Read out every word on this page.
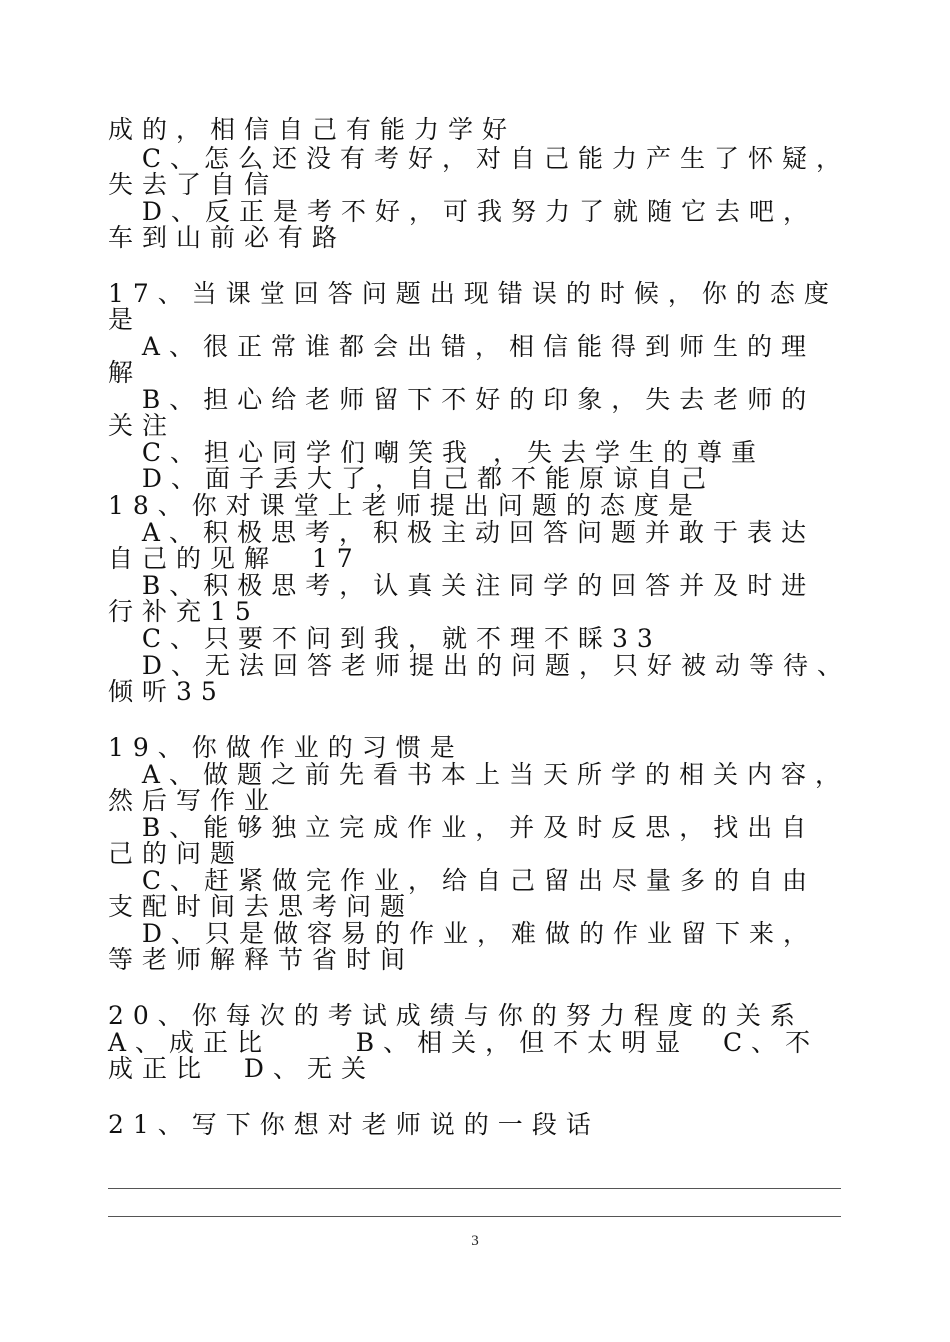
成的，相信自己有能力学好
C、怎么还没有考好，对自己能力产生了怀疑，
失去了自信
D、反正是考不好，可我努力了就随它去吧，
车到山前必有路
17、当课堂回答问题出现错误的时候，你的态度
是
A、很正常谁都会出错，相信能得到师生的理
解
B、担心给老师留下不好的印象，失去老师的
关注
C、担心同学们嘲笑我 ，失去学生的尊重
D、面子丢大了，自己都不能原谅自己
18、你对课堂上老师提出问题的态度是
A、积极思考，积极主动回答问题并敢于表达
自己的见解  17
B、积极思考，认真关注同学的回答并及时进
行补充15
C、只要不问到我，就不理不睬33
D、无法回答老师提出的问题，只好被动等待、
倾听35
19、你做作业的习惯是
A、做题之前先看书本上当天所学的相关内容，
然后写作业
B、能够独立完成作业，并及时反思，找出自
己的问题
C、赶紧做完作业，给自己留出尽量多的自由
支配时间去思考问题
D、只是做容易的作业，难做的作业留下来，
等老师解释节省时间
20、你每次的考试成绩与你的努力程度的关系
A、成正比     B、相关，但不太明显  C、不
成正比  D、无关
21、写下你想对老师说的一段话
3
